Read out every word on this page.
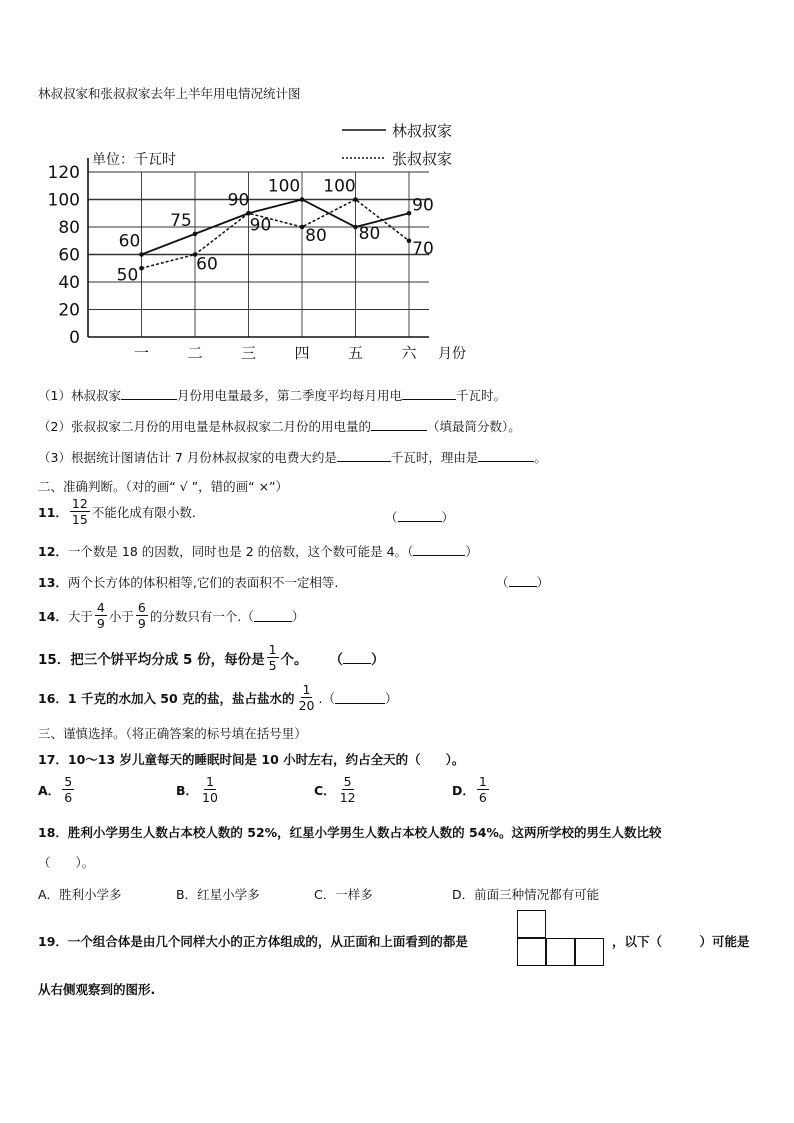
林叔叔家和张叔叔家去年上半年用电情况统计图
0
20
40
60
80
100
120
一	二	三	四	五	六
60
75
90
100
80
90
50
60
90
80
100
70
林叔叔家
张叔叔家
单位：千瓦时
月份
（1）林叔叔家	月份用电量最多，第二季度平均每月用电	千瓦时。
（2）张叔叔家二月份的用电量是林叔叔家二月份的用电量的	（填最简分数）。
（3）根据统计图请估计 7 月份林叔叔家的电费大约是	千瓦时，理由是	。
二、准确判断。（对的画“ √ ”，错的画“ ×”）
11． $\frac{12}{15}$ 不能化成有限小数．	（	）
12．一个数是 18 的因数，同时也是 2 的倍数，这个数可能是 4。（	）
13．两个长方体的体积相等,它们的表面积不一定相等.	（ ）
14． 大于 $\frac{4}{9}$ 小于 $\frac{6}{9}$ 的分数只有一个.（	）
15． 把三个饼平均分成 5 份，每份是 $\frac{1}{5}$ 个。 （ ）
16． 1 千克的水加入 50 克的盐，盐占盐水的 $\frac{1}{20}$ .（	）
三、谨慎选择。（将正确答案的标号填在括号里）
17．10～13 岁儿童每天的睡眠时间是 10 小时左右，约占全天的（　　）。
A． $\frac{5}{6}$	B． $\frac{1}{10}$	C． $\frac{5}{12}$	D． $\frac{1}{6}$
18．胜利小学男生人数占本校人数的 52%，红星小学男生人数占本校人数的 54%。这两所学校的男生人数比较
（　　）。
A．胜利小学多	B．红星小学多	C．一样多	D．前面三种情况都有可能
19．一个组合体是由几个同样大小的正方体组成的，从正面和上面看到的都是	，以下（　　　）可能是
从右侧观察到的图形.
